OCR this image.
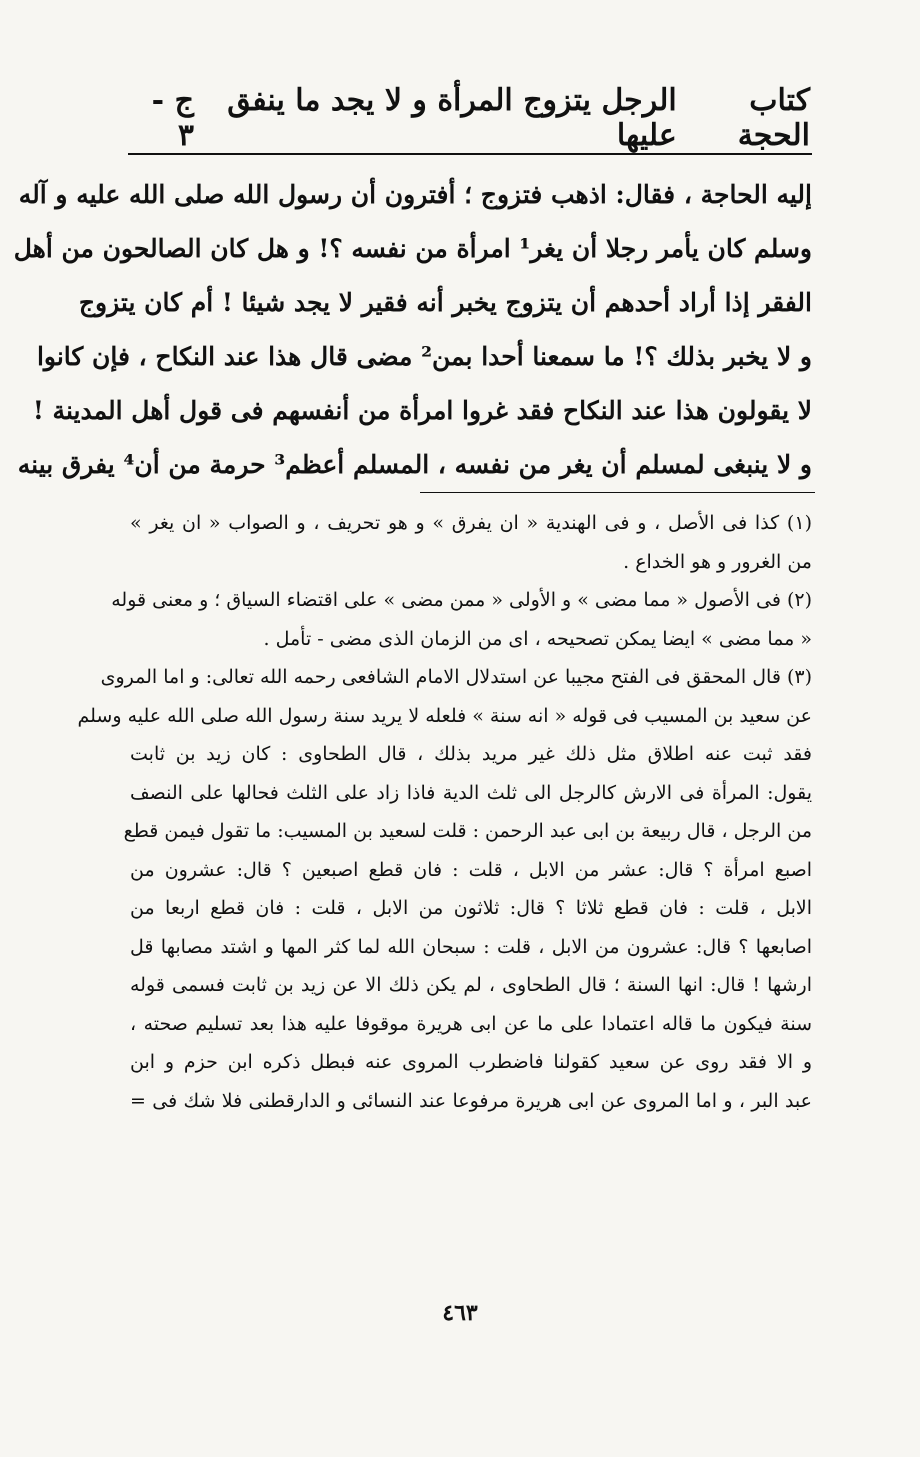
كتاب الحجة
الرجل يتزوج المرأة و لا يجد ما ينفق عليها
ج - ٣
إليه الحاجة ، فقال: اذهب فتزوج ؛ أفترون أن رسول الله صلى الله عليه و آله
وسلم كان يأمر رجلا أن يغر¹ امرأة من نفسه ؟! و هل كان الصالحون من أهل
الفقر إذا أراد أحدهم أن يتزوج يخبر أنه فقير لا يجد شيئا ! أم كان يتزوج
و لا يخبر بذلك ؟! ما سمعنا أحدا بمن² مضى قال هذا عند النكاح ، فإن كانوا
لا يقولون هذا عند النكاح فقد غروا امرأة من أنفسهم فى قول أهل المدينة !
و لا ينبغى لمسلم أن يغر من نفسه ، المسلم أعظم³ حرمة من أن⁴ يفرق بينه
(١) كذا فى الأصل ، و فى الهندية « ان يفرق » و هو تحريف ، و الصواب « ان يغر »
من الغرور و هو الخداع .
(٢) فى الأصول « مما مضى » و الأولى « ممن مضى » على اقتضاء السياق ؛ و معنى قوله
« مما مضى » ايضا يمكن تصحيحه ، اى من الزمان الذى مضى - تأمل .
(٣) قال المحقق فى الفتح مجيبا عن استدلال الامام الشافعى رحمه الله تعالى: و اما المروى
عن سعيد بن المسيب فى قوله « انه سنة » فلعله لا يريد سنة رسول الله صلى الله عليه وسلم
فقد ثبت عنه اطلاق مثل ذلك غير مريد بذلك ، قال الطحاوى : كان زيد بن ثابت
يقول: المرأة فى الارش كالرجل الى ثلث الدية فاذا زاد على الثلث فحالها على النصف
من الرجل ، قال ربيعة بن ابى عبد الرحمن : قلت لسعيد بن المسيب: ما تقول فيمن قطع
اصبع امرأة ؟ قال: عشر من الابل ، قلت : فان قطع اصبعين ؟ قال: عشرون من
الابل ، قلت : فان قطع ثلاثا ؟ قال: ثلاثون من الابل ، قلت : فان قطع اربعا من
اصابعها ؟ قال: عشرون من الابل ، قلت : سبحان الله لما كثر المها و اشتد مصابها قل
ارشها ! قال: انها السنة ؛ قال الطحاوى ، لم يكن ذلك الا عن زيد بن ثابت فسمى قوله
سنة فيكون ما قاله اعتمادا على ما عن ابى هريرة موقوفا عليه هذا بعد تسليم صحته ،
و الا فقد روى عن سعيد كقولنا فاضطرب المروى عنه فبطل ذكره ابن حزم و ابن
عبد البر ، و اما المروى عن ابى هريرة مرفوعا عند النسائى و الدارقطنى فلا شك فى =
٤٦٣
